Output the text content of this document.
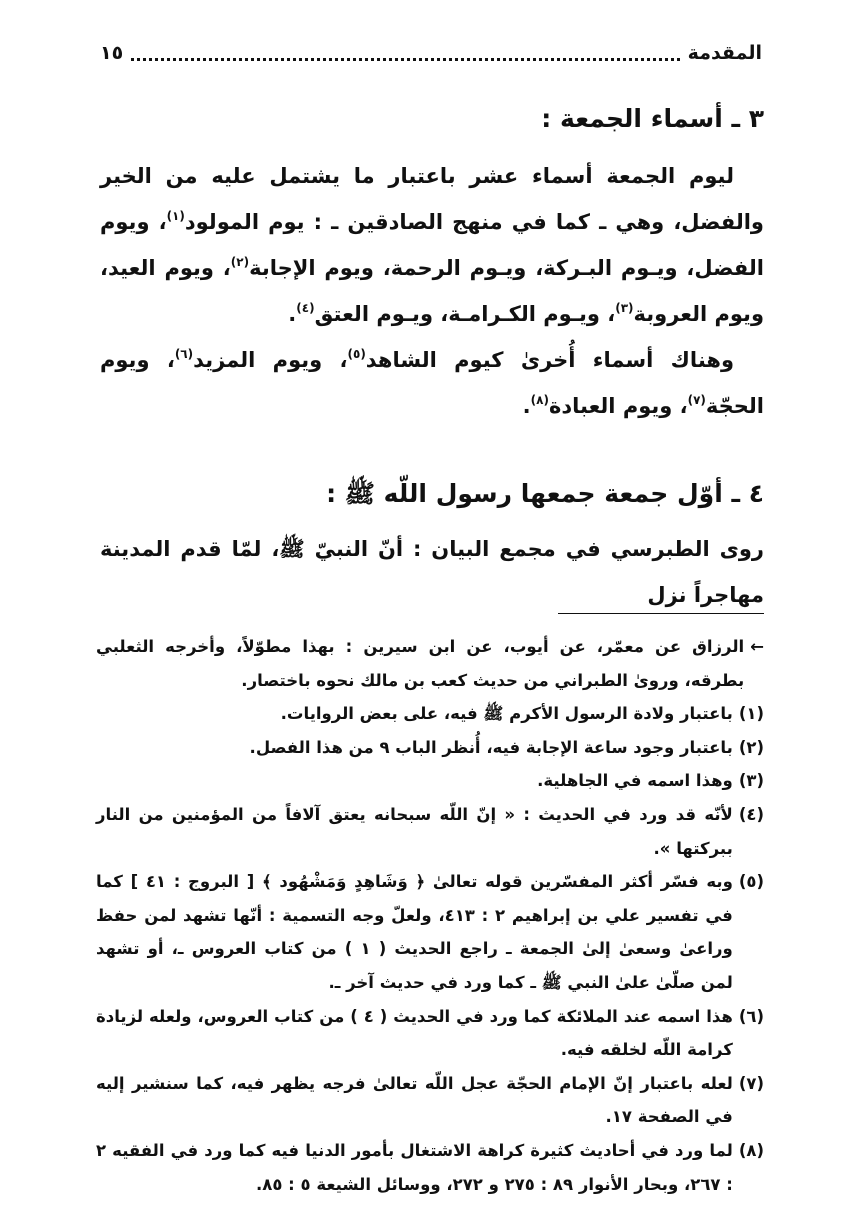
المقدمة
١٥
٣ ـ أسماء الجمعة :

ليوم الجمعة أسماء عشر باعتبار ما يشتمل عليه من الخير والفضل، وهي ـ كما في منهج الصادقين ـ : يوم المولود$^{(١)}$، ويوم الفضل، ويـوم البـركة، ويـوم الرحمة، ويوم الإجابة$^{(٢)}$، ويوم العيد، ويوم العروبة$^{(٣)}$، ويـوم الكـرامـة، ويـوم العتق$^{(٤)}$.

وهناك أسماء أُخرىٰ كيوم الشاهد$^{(٥)}$، ويوم المزيد$^{(٦)}$، ويوم الحجّة$^{(٧)}$، ويوم العبادة$^{(٨)}$.

٤ ـ أوّل جمعة جمعها رسول اللّه ﷺ :

روى الطبرسي في مجمع البيان : أنّ النبيّ ﷺ، لمّا قدم المدينة مهاجراً نزل

←
الرزاق عن معمّر، عن أيوب، عن ابن سيرين : بهذا مطوّلاً، وأخرجه الثعلبي بطرقه، وروىٰ الطبراني من حديث كعب بن مالك نحوه باختصار.
(١)
باعتبار ولادة الرسول الأكرم ﷺ فيه، على بعض الروايات.
(٢)
باعتبار وجود ساعة الإجابة فيه، أُنظر الباب ٩ من هذا الفصل.
(٣)
وهذا اسمه في الجاهلية.
(٤)
لأنّه قد ورد في الحديث : « إنّ اللّه سبحانه يعتق آلافاً من المؤمنين من النار ببركتها ».
(٥)
وبه فسّر أكثر المفسّرين قوله تعالىٰ ﴿ وَشَاهِدٍ وَمَشْهُود ﴾ [ البروج : ٤١ ] كما في تفسير علي بن إبراهيم ٢ : ٤١٣، ولعلّ وجه التسمية : أنّها تشهد لمن حفظ وراعىٰ وسعىٰ إلىٰ الجمعة ـ راجع الحديث ( ١ ) من كتاب العروس ـ، أو تشهد لمن صلّىٰ علىٰ النبي ﷺ ـ كما ورد في حديث آخر ـ.
(٦)
هذا اسمه عند الملائكة كما ورد في الحديث ( ٤ ) من كتاب العروس، ولعله لزيادة كرامة اللّه لخلقه فيه.
(٧)
لعله باعتبار إنّ الإمام الحجّة عجل اللّه تعالىٰ فرجه يظهر فيه، كما سنشير إليه في الصفحة ١٧.
(٨)
لما ورد في أحاديث كثيرة كراهة الاشتغال بأمور الدنيا فيه كما ورد في الفقيه ٢ : ٢٦٧، وبحار الأنوار ٨٩ : ٢٧٥ و ٢٧٢، ووسائل الشيعة ٥ : ٨٥.
